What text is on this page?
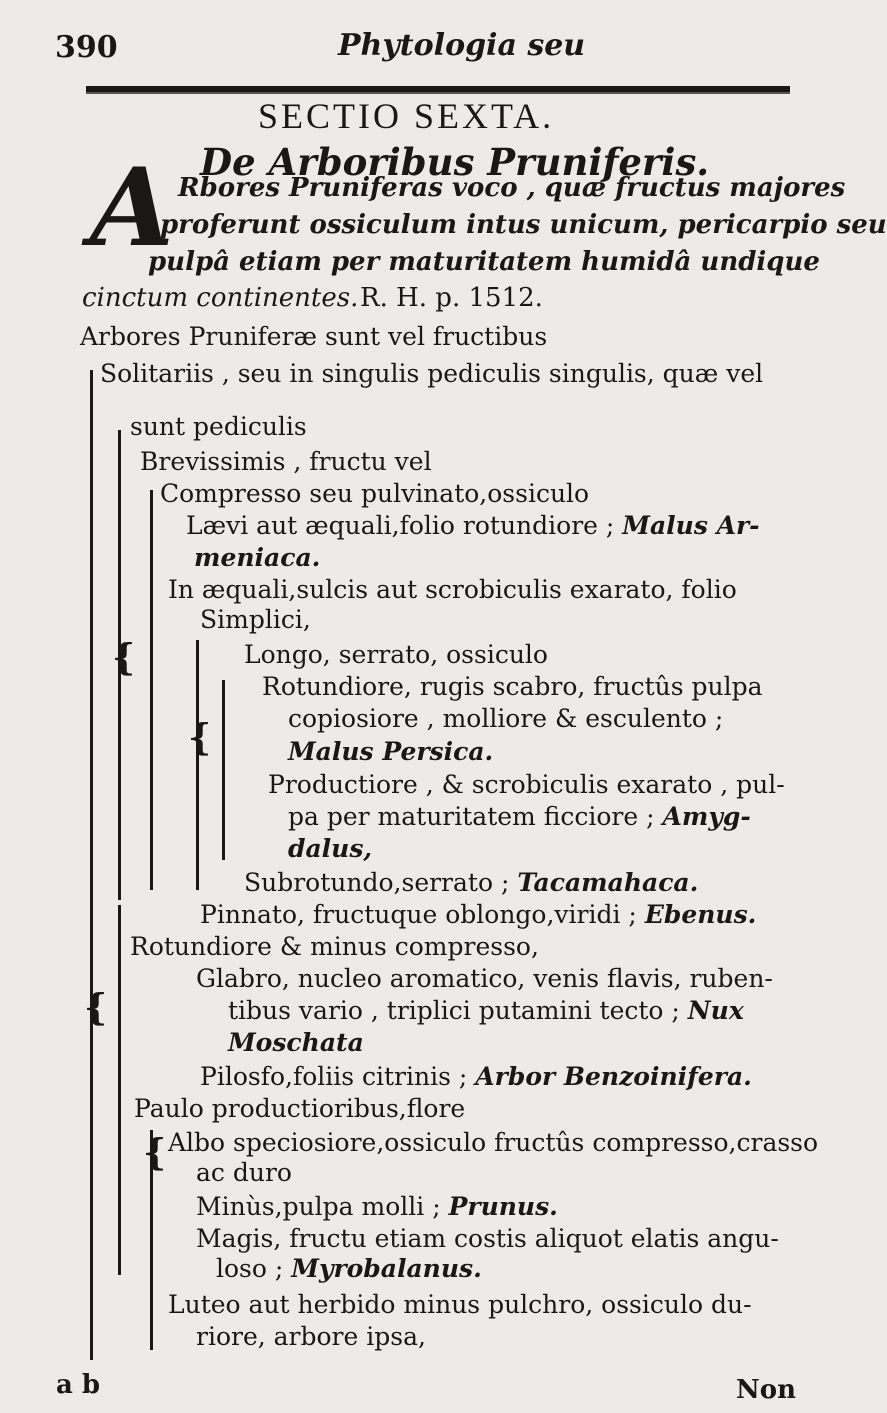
390	Phytologia seu
SECTIO SEXTA.
De Arboribus Pruniferis.
A Rbores Pruniferas voco , quæ fructus majores
proferunt ossiculum intus unicum, pericarpio seu
pulpâ etiam per maturitatem humidâ undique
cinctum continentes. R. H. p. 1512.
Arbores Pruniferæ sunt vel fructibus
{
{
{
{
Solitariis , seu in singulis pediculis singulis, quæ vel
sunt pediculis
Brevissimis , fructu vel
Compresso seu pulvinato,ossiculo
Lævi aut æquali,folio rotundiore ; Malus Ar-
meniaca.
In æquali,sulcis aut scrobiculis exarato, folio
Simplici,
Longo, serrato, ossiculo
Rotundiore, rugis scabro, fructûs pulpa
copiosiore , molliore & esculento ;
Malus Persica.
Productiore , & scrobiculis exarato , pul-
pa per maturitatem ficciore ; Amyg-
dalus,
Subrotundo,serrato ; Tacamahaca.
Pinnato, fructuque oblongo,viridi ; Ebenus.
Rotundiore & minus compresso,
Glabro, nucleo aromatico, venis flavis, ruben-
tibus vario , triplici putamini tecto ; Nux
Moschata
Pilosfo,foliis citrinis ; Arbor Benzoinifera.
Paulo productioribus,flore
Albo speciosiore,ossiculo fructûs compresso,crasso
ac duro
Minùs,pulpa molli ; Prunus.
Magis, fructu etiam costis aliquot elatis angu-
loso ; Myrobalanus.
Luteo aut herbido minus pulchro, ossiculo du-
riore, arbore ipsa,
a b	Non
